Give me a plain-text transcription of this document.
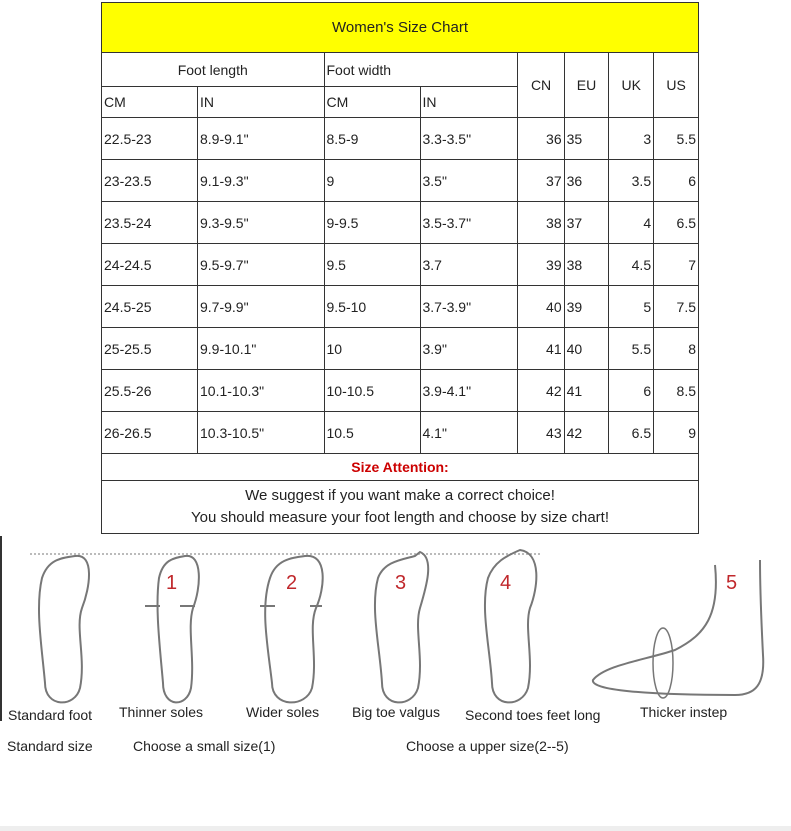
Women's Size Chart							
Foot length		Foot width		CN	EU	UK	US
CM	IN	CM	IN				
22.5-23	8.9-9.1"	8.5-9	3.3-3.5"	36	35	3	5.5
23-23.5	9.1-9.3"	9	3.5"	37	36	3.5	6
23.5-24	9.3-9.5"	9-9.5	3.5-3.7"	38	37	4	6.5
24-24.5	9.5-9.7"	9.5	3.7	39	38	4.5	7
24.5-25	9.7-9.9"	9.5-10	3.7-3.9"	40	39	5	7.5
25-25.5	9.9-10.1"	10	3.9"	41	40	5.5	8
25.5-26	10.1-10.3"	10-10.5	3.9-4.1"	42	41	6	8.5
26-26.5	10.3-10.5"	10.5	4.1"	43	42	6.5	9
Size Attention:							

We suggest if you want make a correct choice!
You should measure your foot length and choose by size chart!							
1	2	3	4	5
Standard foot Thinner soles	Wider soles Big toe valgus Second toes feet long	Thicker instep
Standard size	Choose a small size(1)	Choose a upper size(2--5)
